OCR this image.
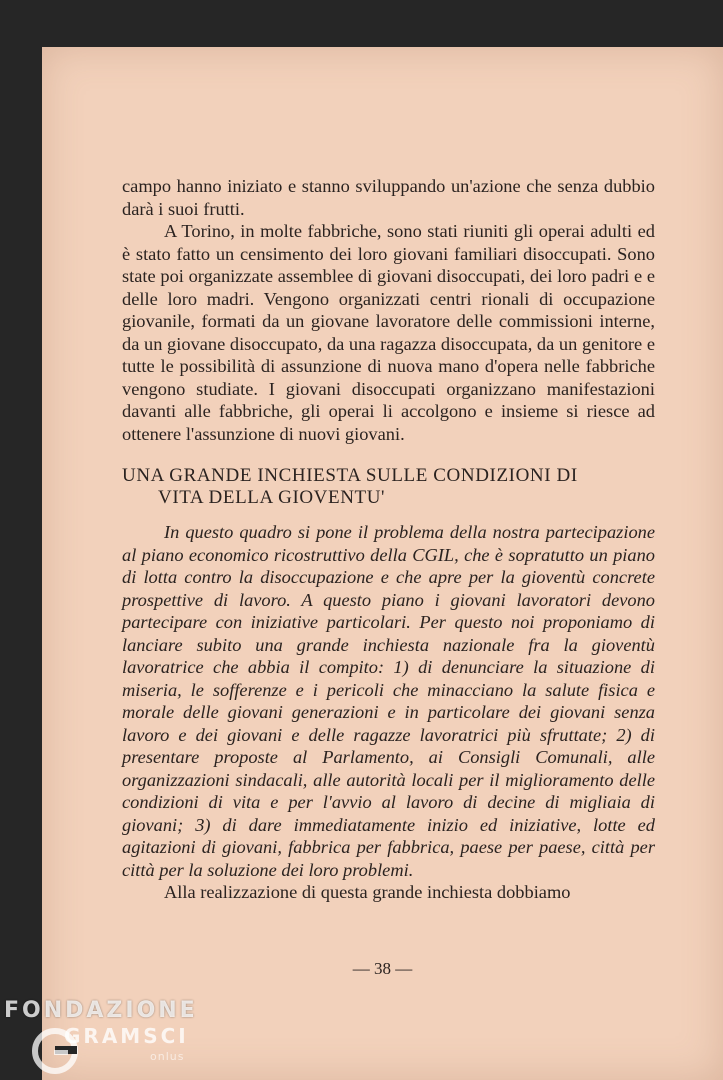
campo hanno iniziato e stanno sviluppando un'azione che senza dubbio darà i suoi frutti.

A Torino, in molte fabbriche, sono stati riuniti gli operai adulti ed è stato fatto un censimento dei loro giovani familiari disoccupati. Sono state poi organizzate assemblee di giovani disoccupati, dei loro padri e e delle loro madri. Vengono organizzati centri rionali di occupazione giovanile, formati da un giovane lavoratore delle commissioni interne, da un giovane disoccupato, da una ragazza disoccupata, da un genitore e tutte le possibilità di assunzione di nuova mano d'opera nelle fabbriche vengono studiate. I giovani disoccupati organizzano manifestazioni davanti alle fabbriche, gli operai li accolgono e insieme si riesce ad ottenere l'assunzione di nuovi giovani.

UNA GRANDE INCHIESTA SULLE CONDIZIONI DI
VITA DELLA GIOVENTU'

In questo quadro si pone il problema della nostra partecipazione al piano economico ricostruttivo della CGIL, che è sopratutto un piano di lotta contro la disoccupazione e che apre per la gioventù concrete prospettive di lavoro. A questo piano i giovani lavoratori devono partecipare con iniziative particolari. Per questo noi proponiamo di lanciare subito una grande inchiesta nazionale fra la gioventù lavoratrice che abbia il compito: 1) di denunciare la situazione di miseria, le sofferenze e i pericoli che minacciano la salute fisica e morale delle giovani generazioni e in particolare dei giovani senza lavoro e dei giovani e delle ragazze lavoratrici più sfruttate; 2) di presentare proposte al Parlamento, ai Consigli Comunali, alle organizzazioni sindacali, alle autorità locali per il miglioramento delle condizioni di vita e per l'avvio al lavoro di decine di migliaia di giovani; 3) di dare immediatamente inizio ed iniziative, lotte ed agitazioni di giovani, fabbrica per fabbrica, paese per paese, città per città per la soluzione dei loro problemi.

Alla realizzazione di questa grande inchiesta dobbiamo

— 38 —
FONDAZIONE
GRAMSCI
onlus
